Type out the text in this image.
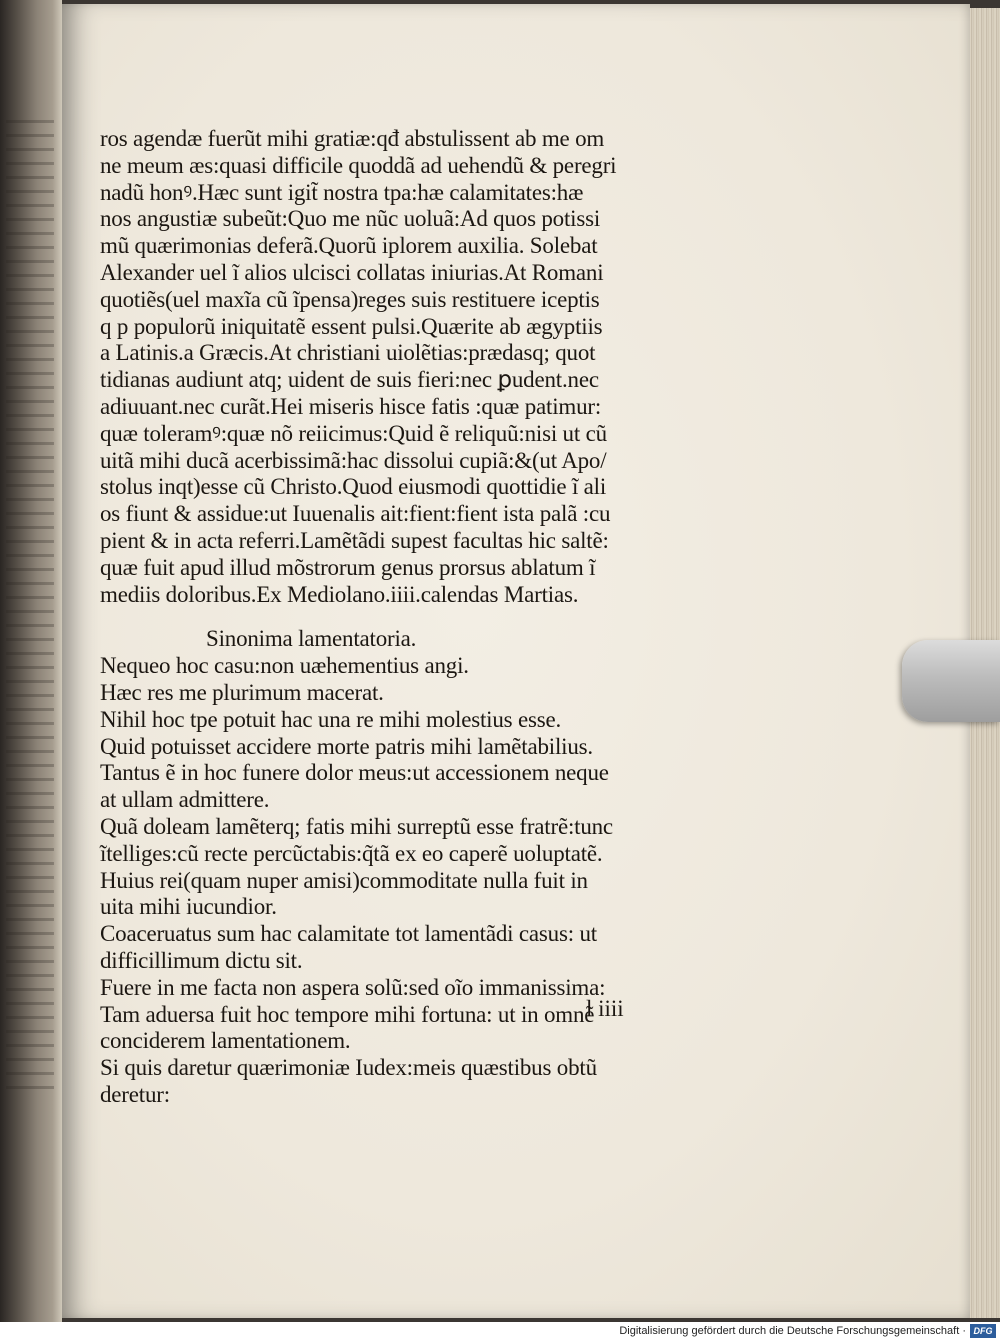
ros agendæ fuerũt mihi gratiæ:qđ abstulissent ab me om
ne meum æs:quasi difficile quoddã ad uehendũ & peregri
nadũ honꝰ.Hæc sunt igit̃ nostra tpa:hæ calamitates:hæ
nos angustiæ subeũt:Quo me nũc uoluã:Ad quos potissi
mũ quærimonias deferã.Quorũ iplorem auxilia. Solebat
Alexander uel ĩ alios ulcisci collatas iniurias.At Romani
quotiẽs(uel maxĩa cũ ĩpensa)reges suis restituere iceptis
q p populorũ iniquitatẽ essent pulsi.Quærite ab ægyptiis
a Latinis.a Græcis.At christiani uiolẽtias:prædasq; quot
tidianas audiunt atq; uident de suis fieri:nec ꝑudent.nec
adiuuant.nec curãt.Hei miseris hisce fatis :quæ patimur:
quæ toleramꝰ:quæ nõ reiicimus:Quid ẽ reliquũ:nisi ut cũ
uitã mihi ducã acerbissimã:hac dissolui cupiã:&(ut Apo/
stolus inqt)esse cũ Christo.Quod eiusmodi quottidie ĩ ali
os fiunt & assidue:ut Iuuenalis ait:fient:fient ista palã :cu
pient & in acta referri.Lamẽtãdi supest facultas hic saltẽ:
quæ fuit apud illud mõstrorum genus prorsus ablatum ĩ
mediis doloribus.Ex Mediolano.iiii.calendas Martias.
Sinonima lamentatoria.
Nequeo hoc casu:non uæhementius angi.
Hæc res me plurimum macerat.
Nihil hoc tpe potuit hac una re mihi molestius esse.
Quid potuisset accidere morte patris mihi lamẽtabilius.
Tantus ẽ in hoc funere dolor meus:ut accessionem neque
at ullam admittere.
Quã doleam lamẽterq; fatis mihi surreptũ esse fratrẽ:tunc
ĩtelliges:cũ recte percũctabis:q̃tã ex eo caperẽ uoluptatẽ.
Huius rei(quam nuper amisi)commoditate nulla fuit in
uita mihi iucundior.
Coaceruatus sum hac calamitate tot lamentãdi casus: ut
difficillimum dictu sit.
Fuere in me facta non aspera solũ:sed oĩo immanissima:
Tam aduersa fuit hoc tempore mihi fortuna: ut in omnẽ
conciderem lamentationem.
Si quis daretur quærimoniæ Iudex:meis quæstibus obtũ
deretur:
l iiii
Digitalisierung gefördert durch die Deutsche Forschungsgemeinschaft · DFG
